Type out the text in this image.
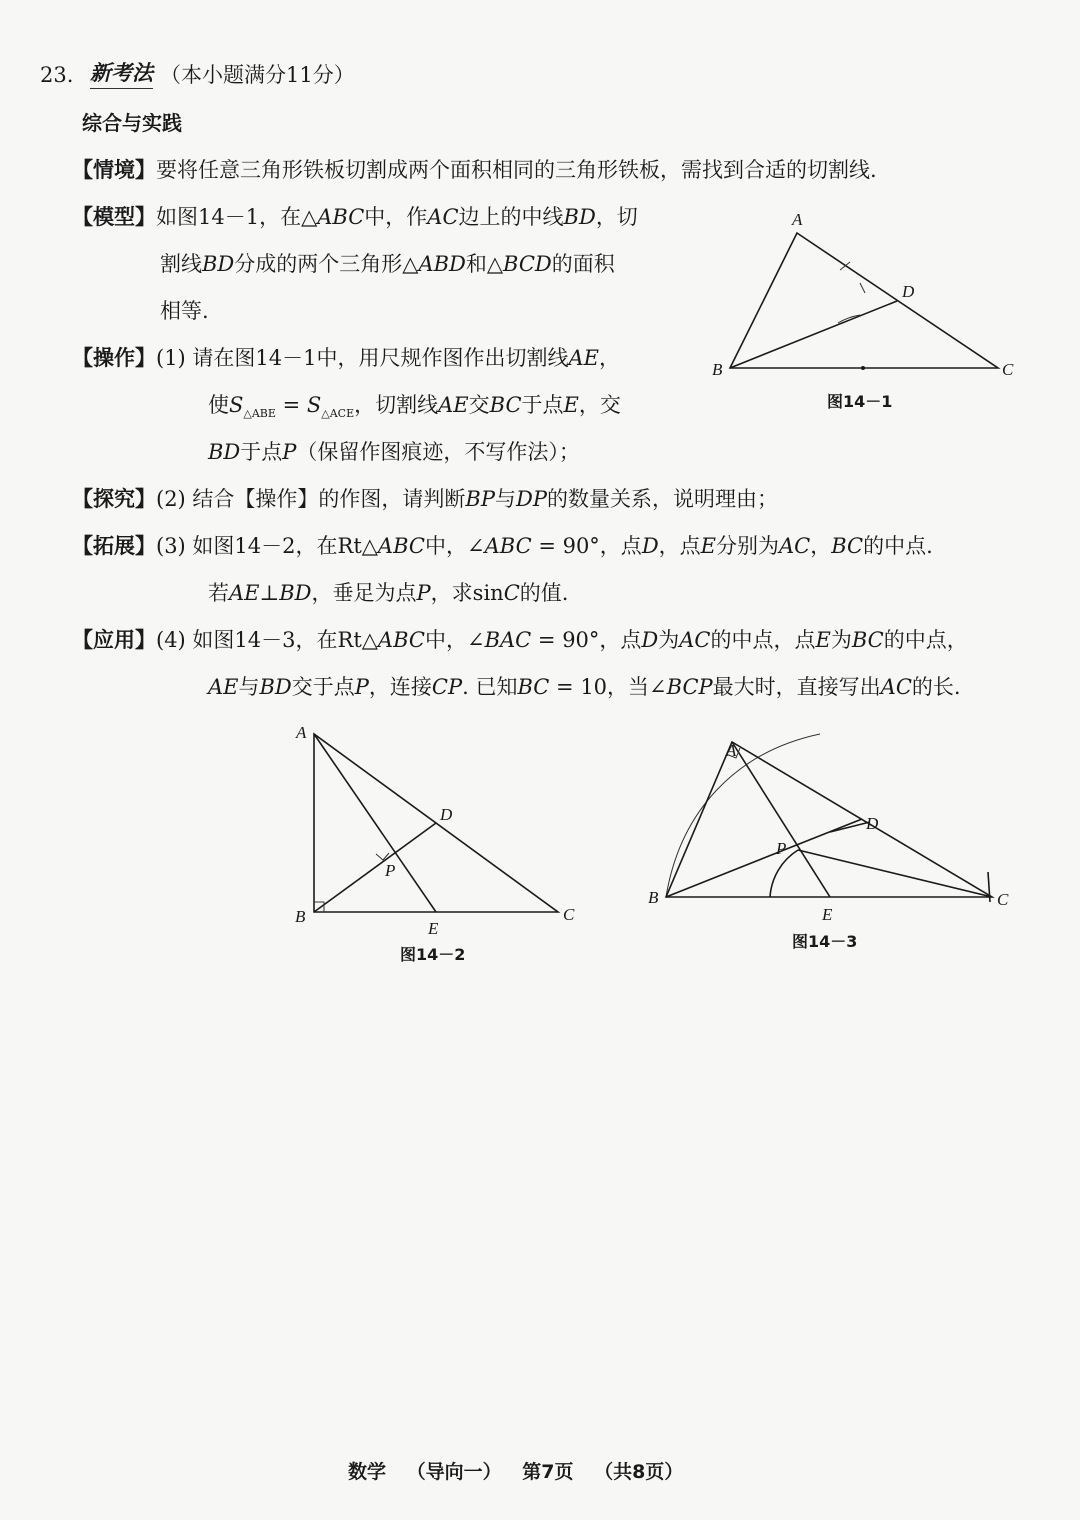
23. 新考法 （本小题满分11分）
综合与实践
【情境】要将任意三角形铁板切割成两个面积相同的三角形铁板，需找到合适的切割线.
【模型】如图14－1，在△ABC中，作AC边上的中线BD，切
割线BD分成的两个三角形△ABD和△BCD的面积
相等.
【操作】(1) 请在图14－1中，用尺规作图作出切割线AE，
使$S_{\triangle ABE} = S_{\triangle ACE}$，切割线AE交BC于点E，交
BD于点P（保留作图痕迹，不写作法）；
【探究】(2) 结合【操作】的作图，请判断BP与DP的数量关系，说明理由；
【拓展】(3) 如图14－2，在Rt△ABC中，∠ABC = 90°，点D，点E分别为AC，BC的中点.
若AE⊥BD，垂足为点P，求sinC的值.
【应用】(4) 如图14－3，在Rt△ABC中，∠BAC = 90°，点D为AC的中点，点E为BC的中点，
AE与BD交于点P，连接CP. 已知BC = 10，当∠BCP最大时，直接写出AC的长.
A
B	C
D
图14－1
A
B	C
D
E
P
图14－2
A
B	C
D
E
P
图14－3
数学 （导向一） 第7页 （共8页）
